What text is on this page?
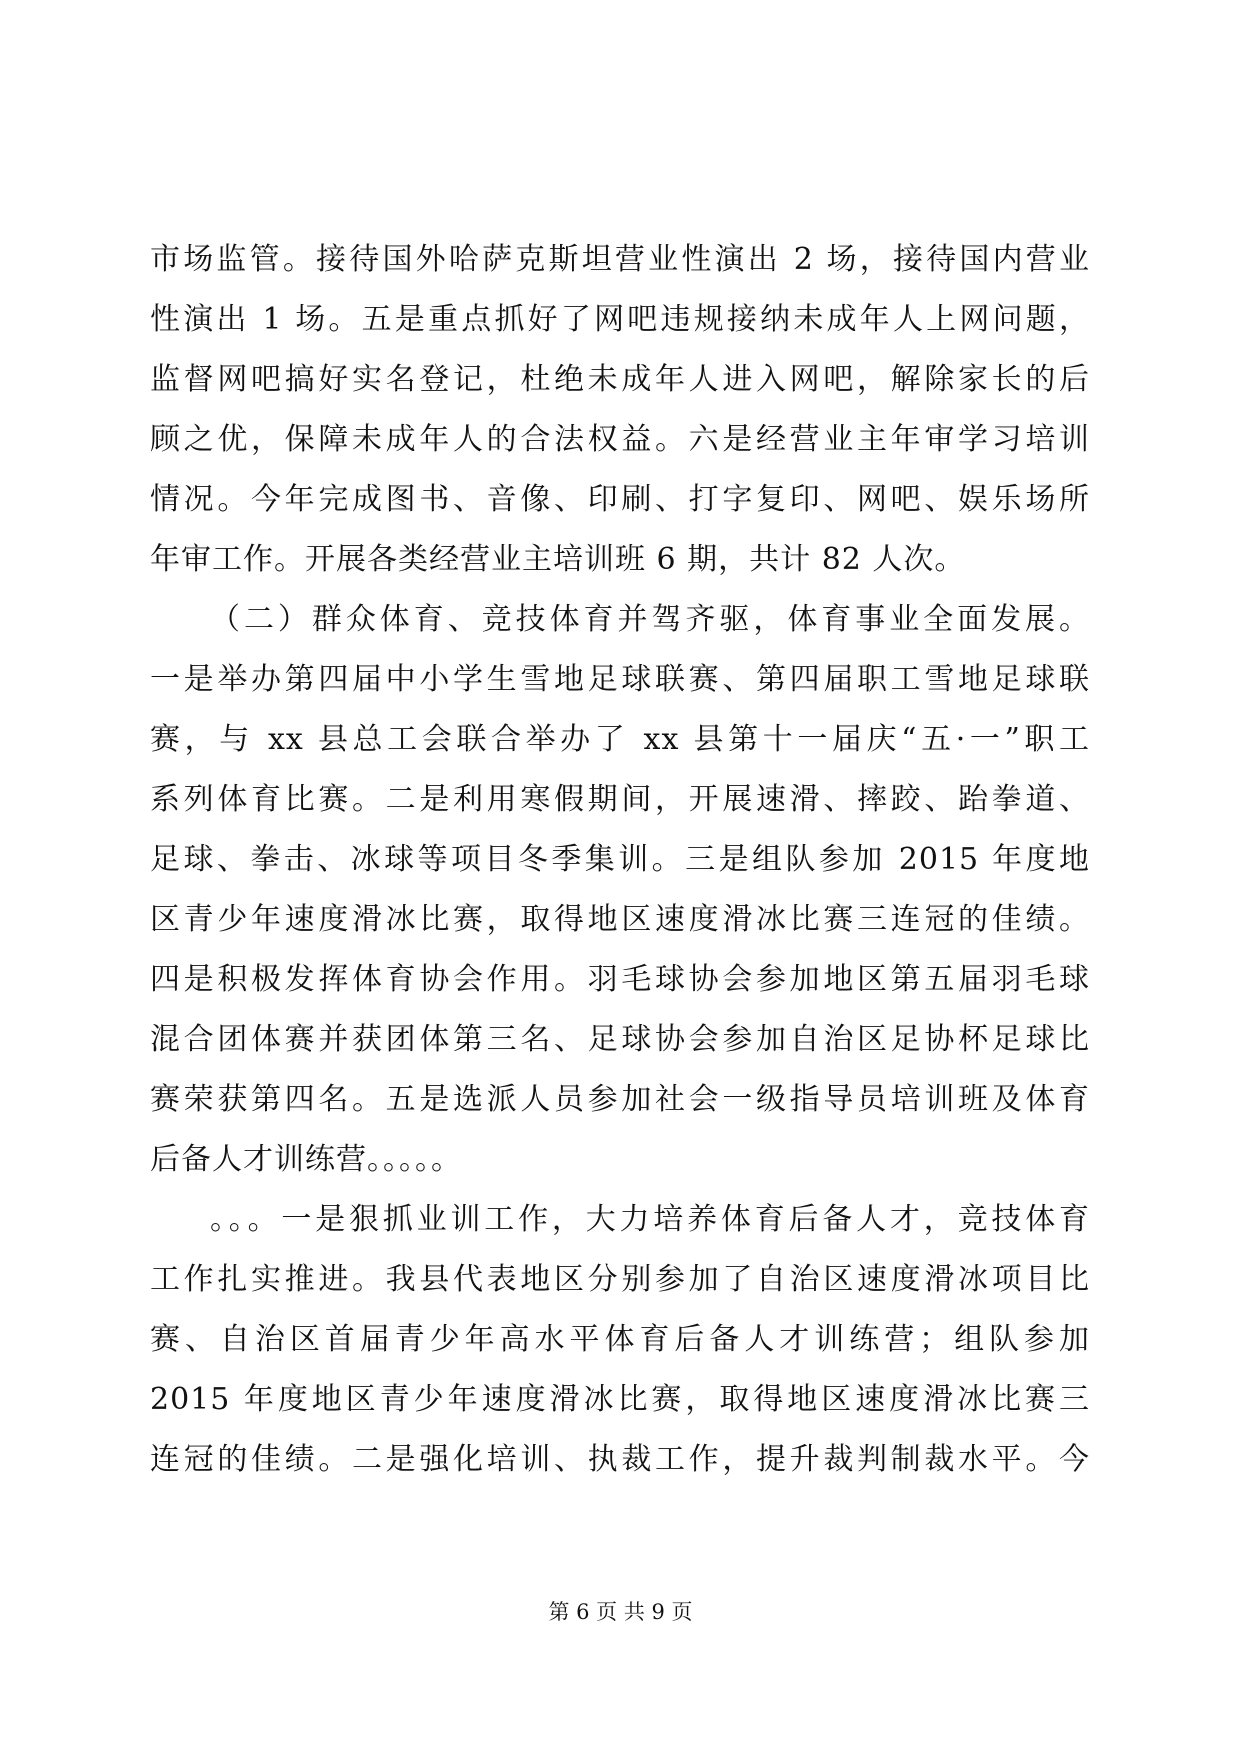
市场监管。接待国外哈萨克斯坦营业性演出 2 场，接待国内营业

性演出 1 场。五是重点抓好了网吧违规接纳未成年人上网问题，

监督网吧搞好实名登记，杜绝未成年人进入网吧，解除家长的后

顾之优，保障未成年人的合法权益。六是经营业主年审学习培训

情况。今年完成图书、音像、印刷、打字复印、网吧、娱乐场所

年审工作。开展各类经营业主培训班 6 期，共计 82 人次。

（二）群众体育、竞技体育并驾齐驱，体育事业全面发展。

一是举办第四届中小学生雪地足球联赛、第四届职工雪地足球联

赛，与 xx 县总工会联合举办了 xx 县第十一届庆“五·一”职工

系列体育比赛。二是利用寒假期间，开展速滑、摔跤、跆拳道、

足球、拳击、冰球等项目冬季集训。三是组队参加 2015 年度地

区青少年速度滑冰比赛，取得地区速度滑冰比赛三连冠的佳绩。

四是积极发挥体育协会作用。羽毛球协会参加地区第五届羽毛球

混合团体赛并获团体第三名、足球协会参加自治区足协杯足球比

赛荣获第四名。五是选派人员参加社会一级指导员培训班及体育

后备人才训练营。。。。。

。。。一是狠抓业训工作，大力培养体育后备人才，竞技体育

工作扎实推进。我县代表地区分别参加了自治区速度滑冰项目比

赛、自治区首届青少年高水平体育后备人才训练营；组队参加

2015 年度地区青少年速度滑冰比赛，取得地区速度滑冰比赛三

连冠的佳绩。二是强化培训、执裁工作，提升裁判制裁水平。今

第 6 页 共 9 页
